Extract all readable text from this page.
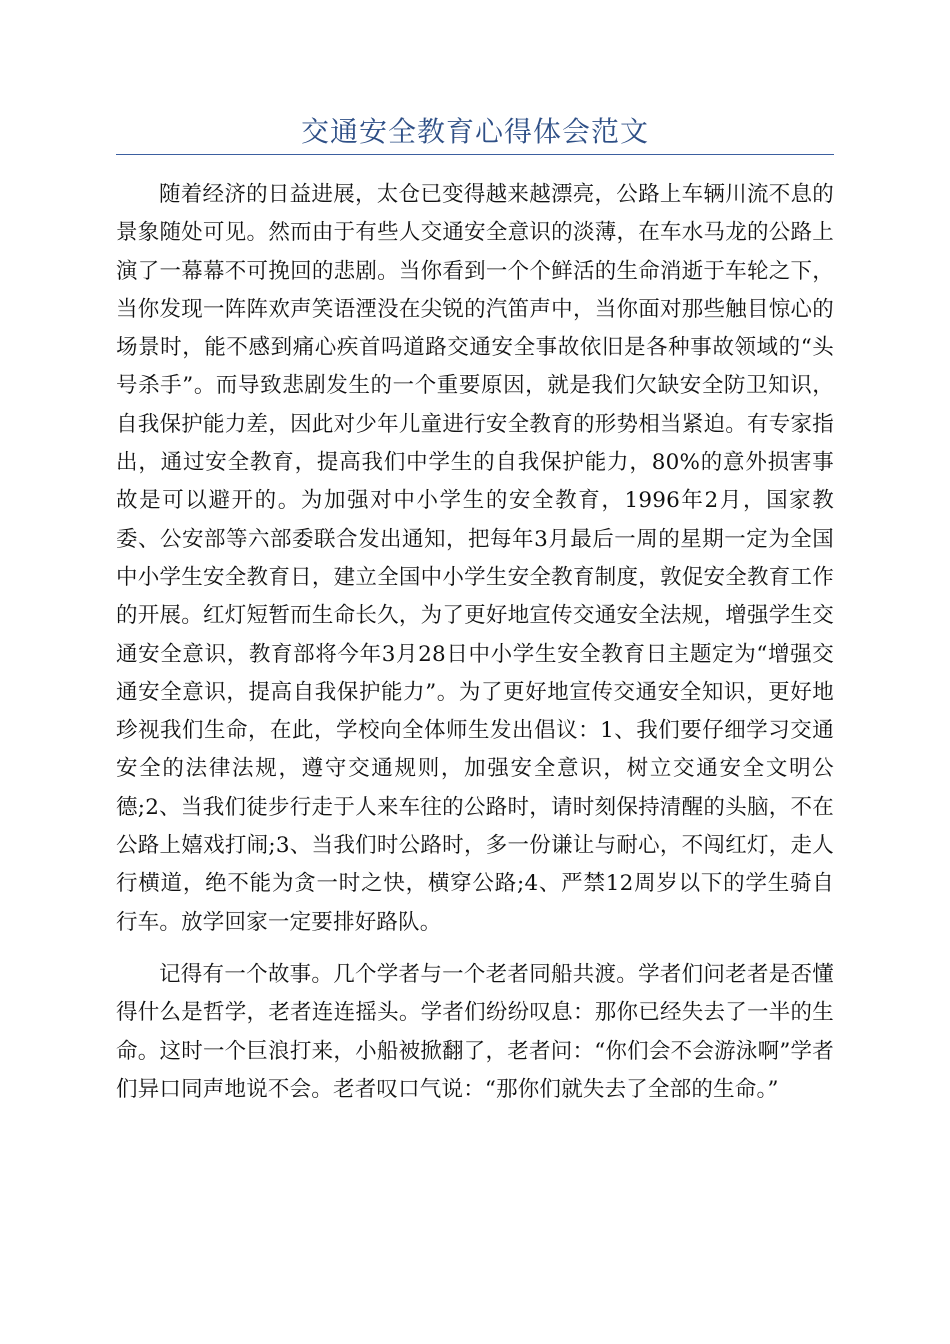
交通安全教育心得体会范文

随着经济的日益进展，太仓已变得越来越漂亮，公路上车辆川流不息的景象随处可见。然而由于有些人交通安全意识的淡薄，在车水马龙的公路上演了一幕幕不可挽回的悲剧。当你看到一个个鲜活的生命消逝于车轮之下，当你发现一阵阵欢声笑语湮没在尖锐的汽笛声中，当你面对那些触目惊心的场景时，能不感到痛心疾首吗道路交通安全事故依旧是各种事故领域的“头号杀手”。而导致悲剧发生的一个重要原因，就是我们欠缺安全防卫知识，自我保护能力差，因此对少年儿童进行安全教育的形势相当紧迫。有专家指出，通过安全教育，提高我们中学生的自我保护能力，80%的意外损害事故是可以避开的。为加强对中小学生的安全教育，1996年2月，国家教委、公安部等六部委联合发出通知，把每年3月最后一周的星期一定为全国中小学生安全教育日，建立全国中小学生安全教育制度，敦促安全教育工作的开展。红灯短暂而生命长久，为了更好地宣传交通安全法规，增强学生交通安全意识，教育部将今年3月28日中小学生安全教育日主题定为“增强交通安全意识，提高自我保护能力”。为了更好地宣传交通安全知识，更好地珍视我们生命，在此，学校向全体师生发出倡议：1、我们要仔细学习交通安全的法律法规，遵守交通规则，加强安全意识，树立交通安全文明公德;2、当我们徒步行走于人来车往的公路时，请时刻保持清醒的头脑，不在公路上嬉戏打闹;3、当我们时公路时，多一份谦让与耐心，不闯红灯，走人行横道，绝不能为贪一时之快，横穿公路;4、严禁12周岁以下的学生骑自行车。放学回家一定要排好路队。

记得有一个故事。几个学者与一个老者同船共渡。学者们问老者是否懂得什么是哲学，老者连连摇头。学者们纷纷叹息：那你已经失去了一半的生命。这时一个巨浪打来，小船被掀翻了，老者问：“你们会不会游泳啊”学者们异口同声地说不会。老者叹口气说：“那你们就失去了全部的生命。”
